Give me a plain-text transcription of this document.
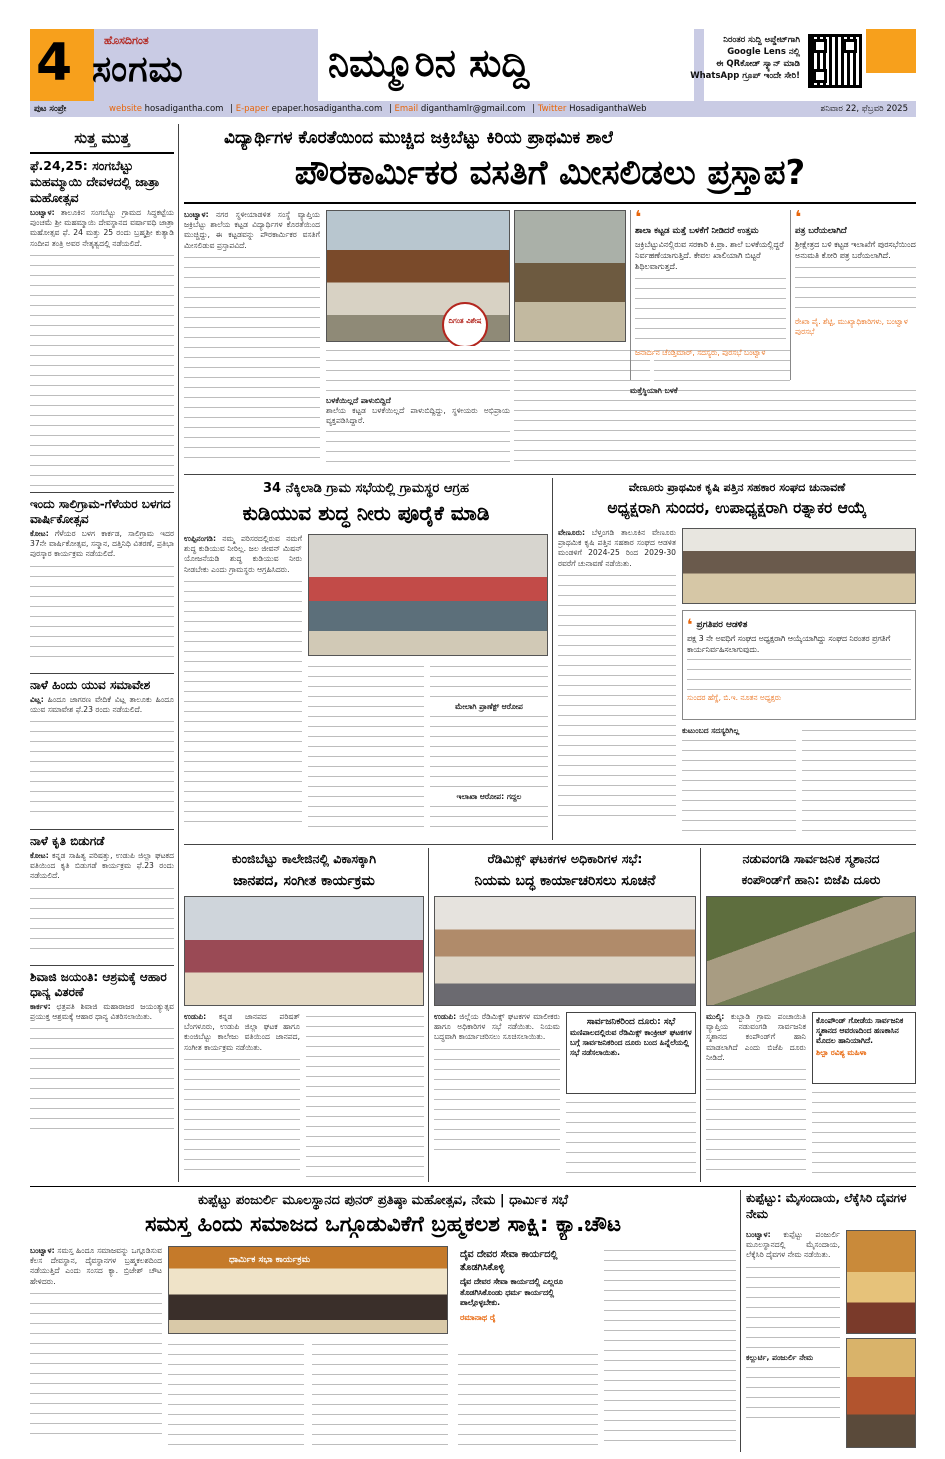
4	ಹೊಸದಿಗಂತ
ಸಂಗಮ	ನಿಮ್ಮೂರಿನ ಸುದ್ದಿ
ನಿರಂತರ ಸುದ್ದಿ ಅಪ್ಡೇಟ್‌ಗಾಗಿ
Google Lens ನಲ್ಲಿ
ಈ QRಕೋಡ್ ಸ್ಕ್ಯಾನ್ ಮಾಡಿ
WhatsApp ಗ್ರೂಪ್ ಇಂದೇ ಸೇರಿ!
ಪುಟ ಸಂಪ್ರೇ	website hosadigantha.com | E-paper epaper.hosadigantha.com | Email diganthamlr@gmail.com | Twitter HosadiganthaWeb	ಶನಿವಾರ 22, ಫೆಬ್ರವರಿ 2025
ಸುತ್ತ ಮುತ್ತ
ಫೆ.24,25: ಸಂಗಬೆಟ್ಟು ಮಹಮ್ಮಾಯಿ ದೇವಳದಲ್ಲಿ ಜಾತ್ರಾ ಮಹೋತ್ಸವ
ಬಂಟ್ವಾಳ: ತಾಲೂಕಿನ ಸಂಗಬೆಟ್ಟು ಗ್ರಾಮದ ಸಿದ್ಧಕಟ್ಟೆಯ ಪುಂಚಮೆ ಶ್ರೀ ಮಹಮ್ಮಾಯಿ ದೇವಸ್ಥಾನದ ವರ್ಷಾವಧಿ ಜಾತ್ರಾ ಮಹೋತ್ಸವ ಫೆ. 24 ಮತ್ತು 25 ರಂದು ಬ್ರಹ್ಮಶ್ರೀ ಕುತ್ಯಾಡಿ ಸಂದೀಪ ತಂತ್ರಿ ಅವರ ನೇತೃತ್ವದಲ್ಲಿ ನಡೆಯಲಿದೆ.
ಇಂದು ಸಾಲಿಗ್ರಾಮ-ಗೆಳೆಯರ ಬಳಗದ ವಾರ್ಷಿಕೋತ್ಸವ
ಕೋಟ: ಗೆಳೆಯರ ಬಳಗ ಕಾರ್ಕಡ, ಸಾಲಿಗ್ರಾಮ ಇದರ 37ನೇ ವಾರ್ಷಿಕೋತ್ಸವ, ಸನ್ಮಾನ, ದತ್ತಿನಿಧಿ ವಿತರಣೆ, ಪ್ರತಿಭಾ ಪುರಸ್ಕಾರ ಕಾರ್ಯಕ್ರಮ ನಡೆಯಲಿದೆ.
ನಾಳೆ ಹಿಂದು ಯುವ ಸಮಾವೇಶ
ವಿಟ್ಲ: ಹಿಂದೂ ಜಾಗರಣ ವೇದಿಕೆ ವಿಟ್ಲ ತಾಲೂಕು ಹಿಂದೂ ಯುವ ಸಮಾವೇಶ ಫೆ.23 ರಂದು ನಡೆಯಲಿದೆ.
ನಾಳೆ ಕೃತಿ ಬಿಡುಗಡೆ
ಕೋಟ: ಕನ್ನಡ ಸಾಹಿತ್ಯ ಪರಿಷತ್ತು, ಉಡುಪಿ ಜಿಲ್ಲಾ ಘಟಕದ ವತಿಯಿಂದ ಕೃತಿ ಬಿಡುಗಡೆ ಕಾರ್ಯಕ್ರಮ ಫೆ.23 ರಂದು ನಡೆಯಲಿದೆ.
ಶಿವಾಜಿ ಜಯಂತಿ: ಆಶ್ರಮಕ್ಕೆ ಆಹಾರ ಧಾನ್ಯ ವಿತರಣೆ
ಕಾರ್ಕಳ: ಛತ್ರಪತಿ ಶಿವಾಜಿ ಮಹಾರಾಜರ ಜಯಂತ್ಯುತ್ಸವ ಪ್ರಯುಕ್ತ ಆಶ್ರಮಕ್ಕೆ ಆಹಾರ ಧಾನ್ಯ ವಿತರಿಸಲಾಯಿತು.
ವಿದ್ಯಾರ್ಥಿಗಳ ಕೊರತೆಯಿಂದ ಮುಚ್ಚಿದ ಜಕ್ರಿಬೆಟ್ಟು ಕಿರಿಯ ಪ್ರಾಥಮಿಕ ಶಾಲೆ
ಪೌರಕಾರ್ಮಿಕರ ವಸತಿಗೆ ಮೀಸಲಿಡಲು ಪ್ರಸ್ತಾಪ?
ಬಂಟ್ವಾಳ: ನಗರ ಸ್ಥಳೀಯಾಡಳಿತ ಸಂಸ್ಥೆ ವ್ಯಾಪ್ತಿಯ ಜಕ್ರಿಬೆಟ್ಟು ಶಾಲೆಯ ಕಟ್ಟಡ ವಿದ್ಯಾರ್ಥಿಗಳ ಕೊರತೆಯಿಂದ ಮುಚ್ಚಿದ್ದು, ಈ ಕಟ್ಟಡವನ್ನು ಪೌರಕಾರ್ಮಿಕರ ವಸತಿಗೆ ಮೀಸಲಿಡುವ ಪ್ರಸ್ತಾಪವಿದೆ.
ದಿಗಂತ ವಿಶೇಷ
ಬಳಕೆಯಿಲ್ಲದೆ ಪಾಳುಬಿದ್ದಿದೆ
ಶಾಲೆಯ ಕಟ್ಟಡ ಬಳಕೆಯಿಲ್ಲದೆ ಪಾಳುಬಿದ್ದಿದ್ದು, ಸ್ಥಳೀಯರು ಅಭಿಪ್ರಾಯ ವ್ಯಕ್ತಪಡಿಸಿದ್ದಾರೆ.
❛
ಶಾಲಾ ಕಟ್ಟಡ ಮತ್ತೆ ಬಳಕೆಗೆ ನೀಡಿದರೆ ಉತ್ತಮ
ಜಕ್ರಿಬೆಟ್ಟುವಿನಲ್ಲಿರುವ ಸರಕಾರಿ ಕಿ.ಪ್ರಾ. ಶಾಲೆ ಬಳಕೆಯಲ್ಲಿದ್ದರೆ ನಿರ್ವಹಣೆಯಾಗುತ್ತಿದೆ. ಕೇವಲ ಖಾಲಿಯಾಗಿ ಬಿಟ್ಟರೆ ಶಿಥಿಲವಾಗುತ್ತದೆ.
ಜನಾರ್ದನ ಚೆಂಡ್ತಿಮಾರ್, ಸದಸ್ಯರು, ಪುರಸಭೆ ಬಂಟ್ವಾಳ
ಮತ್ತೆಸ್ಥಿಯಾಗಿ ಬಳಕೆ
❛
ಪತ್ರ ಬರೆಯಲಾಗಿದೆ
ಶ್ರೀಕ್ಷೇತ್ರದ ಬಳಿ ಕಟ್ಟಡ ಇಲಾಖೆಗೆ ಪುರಸಭೆಯಿಂದ ಅನುಮತಿ ಕೋರಿ ಪತ್ರ ಬರೆಯಲಾಗಿದೆ.
ರೇಖಾ ಪೈ. ಶೆಟ್ಟಿ, ಮುಖ್ಯಾಧಿಕಾರಿಗಳು, ಬಂಟ್ವಾಳ ಪುರಸಭೆ
34 ನೆಕ್ಕಿಲಾಡಿ ಗ್ರಾಮ ಸಭೆಯಲ್ಲಿ ಗ್ರಾಮಸ್ಥರ ಆಗ್ರಹ
ಕುಡಿಯುವ ಶುದ್ಧ ನೀರು ಪೂರೈಕೆ ಮಾಡಿ
ಉಪ್ಪಿನಂಗಡಿ: ನಮ್ಮ ಪರಿಸರದಲ್ಲಿರುವ ನಮಗೆ ಶುದ್ಧ ಕುಡಿಯುವ ನೀರಿಲ್ಲ. ಜಲ ಜೀವನ್ ಮಿಷನ್ ಯೋಜನೆಯಡಿ ಶುದ್ಧ ಕುಡಿಯುವ ನೀರು ನೀಡಬೇಕು ಎಂದು ಗ್ರಾಮಸ್ಥರು ಆಗ್ರಹಿಸಿದರು.
ಮೇಲಾಗಿ ಪ್ರಾಣೆಕ್ಟ್ ಆರೋಪ
ಇಲಾಖಾ ಆರೋಪ: ಗದ್ದಲ
ವೇಣೂರು ಪ್ರಾಥಮಿಕ ಕೃಷಿ ಪತ್ತಿನ ಸಹಕಾರ ಸಂಘದ ಚುನಾವಣೆ
ಅಧ್ಯಕ್ಷರಾಗಿ ಸುಂದರ, ಉಪಾಧ್ಯಕ್ಷರಾಗಿ ರತ್ನಾಕರ ಆಯ್ಕೆ
ವೇಣೂರು: ಬೆಳ್ತಂಗಡಿ ತಾಲೂಕಿನ ವೇಣೂರು ಪ್ರಾಥಮಿಕ ಕೃಷಿ ಪತ್ತಿನ ಸಹಕಾರ ಸಂಘದ ಆಡಳಿತ ಮಂಡಳಿಗೆ 2024-25 ರಿಂದ 2029-30 ರವರೆಗೆ ಚುನಾವಣೆ ನಡೆಯಿತು.
❛ ಪ್ರಗತಿಪರ ಆಡಳಿತ
ಪಕ್ಷ 3 ನೇ ಅವಧಿಗೆ ಸಂಘದ ಅಧ್ಯಕ್ಷರಾಗಿ ಆಯ್ಕೆಯಾಗಿದ್ದು ಸಂಘದ ನಿರಂತರ ಪ್ರಗತಿಗೆ ಕಾರ್ಯನಿರ್ವಹಿಸಲಾಗುವುದು.
ಸುಂದರ ಹೆಗ್ಡೆ, ಬಿ.ಇ. ನೂತನ ಅಧ್ಯಕ್ಷರು
ಕುಟುಂಬದ ಸದಸ್ಯರಿಗಿಲ್ಲ
ಕುಂಜಿಬೆಟ್ಟು ಕಾಲೇಜಿನಲ್ಲಿ ವಿಕಾಸಕ್ಕಾಗಿ
ಜಾನಪದ, ಸಂಗೀತ ಕಾರ್ಯಕ್ರಮ
ಉಡುಪಿ: ಕನ್ನಡ ಜಾನಪದ ಪರಿಷತ್ ಬೆಂಗಳೂರು, ಉಡುಪಿ ಜಿಲ್ಲಾ ಘಟಕ ಹಾಗೂ ಕುಂಜಿಬೆಟ್ಟು ಕಾಲೇಜು ವತಿಯಿಂದ ಜಾನಪದ, ಸಂಗೀತ ಕಾರ್ಯಕ್ರಮ ನಡೆಯಿತು.
ರೆಡಿಮಿಕ್ಸ್ ಘಟಕಗಳ ಅಧಿಕಾರಿಗಳ ಸಭೆ:
ನಿಯಮ ಬದ್ಧ ಕಾರ್ಯಾಚರಿಸಲು ಸೂಚನೆ
ಉಡುಪಿ: ಜಿಲ್ಲೆಯ ರೆಡಿಮಿಕ್ಸ್ ಘಟಕಗಳ ಮಾಲೀಕರು ಹಾಗೂ ಅಧಿಕಾರಿಗಳ ಸಭೆ ನಡೆಯಿತು. ನಿಯಮ ಬದ್ಧವಾಗಿ ಕಾರ್ಯಾಚರಿಸಲು ಸೂಚಿಸಲಾಯಿತು.
ಸಾರ್ವಜನಿಕರಿಂದ ದೂರು: ಸಭೆ
ಮಣಿಪಾಲದಲ್ಲಿರುವ ರೆಡಿಮಿಕ್ಸ್ ಕಾಂಕ್ರೀಟ್ ಘಟಕಗಳ ಬಗ್ಗೆ ಸಾರ್ವಜನಿಕರಿಂದ ದೂರು ಬಂದ ಹಿನ್ನೆಲೆಯಲ್ಲಿ ಸಭೆ ನಡೆಸಲಾಯಿತು.
ನಡುವಂಗಡಿ ಸಾರ್ವಜನಿಕ ಸ್ಮಶಾನದ
ಕಂಪೌಂಡ್‌ಗೆ ಹಾನಿ: ಬಿಜೆಪಿ ದೂರು
ಮುಲ್ಕಿ: ಕುಬ್ಬಾಡಿ ಗ್ರಾಮ ಪಂಚಾಯಿತಿ ವ್ಯಾಪ್ತಿಯ ನಡುವಂಗಡಿ ಸಾರ್ವಜನಿಕ ಸ್ಮಶಾನದ ಕಂಪೌಂಡ್‌ಗೆ ಹಾನಿ ಮಾಡಲಾಗಿದೆ ಎಂದು ಬಿಜೆಪಿ ದೂರು ನೀಡಿದೆ.
ಕೊಂಪೌಂಡ್ ಗೋಡೆಯ ಸಾರ್ವಜನಿಕ ಸ್ಮಶಾನದ ಆವರಣದಿಂದ ಹಣಕಾಸಿನ ಮೊದಲ ಹಾನಿಯಾಗಿದೆ.
ಶಿಲ್ಪಾ ರವಿಶ್ಯ ಮಹಿಳಾ
ಕುಪ್ಪೆಟ್ಟು ಪಂಜುರ್ಲಿ ಮೂಲಸ್ಥಾನದ ಪುನರ್ ಪ್ರತಿಷ್ಠಾ ಮಹೋತ್ಸವ, ನೇಮ | ಧಾರ್ಮಿಕ ಸಭೆ
ಸಮಸ್ತ ಹಿಂದು ಸಮಾಜದ ಒಗ್ಗೂಡುವಿಕೆಗೆ ಬ್ರಹ್ಮಕಲಶ ಸಾಕ್ಷಿ: ಕ್ಯಾ.ಚೌಟ
ಬಂಟ್ವಾಳ: ಸಮಸ್ತ ಹಿಂದೂ ಸಮಾಜವನ್ನು ಒಗ್ಗೂಡಿಸುವ ಕೆಲಸ ದೇವಸ್ಥಾನ, ದೈವಸ್ಥಾನಗಳ ಬ್ರಹ್ಮಕಲಶದಿಂದ ನಡೆಯುತ್ತಿದೆ ಎಂದು ಸಂಸದ ಕ್ಯಾ. ಬ್ರಿಜೇಶ್ ಚೌಟ ಹೇಳಿದರು.
ಧಾರ್ಮಿಕ ಸಭಾ ಕಾರ್ಯಕ್ರಮ	ದೈವ ದೇವರ ಸೇವಾ ಕಾರ್ಯದಲ್ಲಿ ತೊಡಗಿಸಿಕೊಳ್ಳಿ
ದೈವ ದೇವರ ಸೇವಾ ಕಾರ್ಯದಲ್ಲಿ ಎಲ್ಲರೂ ತೊಡಗಿಸಿಕೊಂಡು ಧರ್ಮ ಕಾರ್ಯದಲ್ಲಿ ಪಾಲ್ಗೊಳ್ಳಬೇಕು.
ರಮಾನಾಥ ರೈ
ಕುಪ್ಪೆಟ್ಟು: ಮೈಸಂದಾಯ, ಲೆಕ್ಕೆಸಿರಿ ದೈವಗಳ ನೇಮ
ಬಂಟ್ವಾಳ: ಕುಪ್ಪೆಟ್ಟು ಪಂಜುರ್ಲಿ ಮೂಲಸ್ಥಾನದಲ್ಲಿ ಮೈಸಂದಾಯ, ಲೆಕ್ಕೆಸಿರಿ ದೈವಗಳ ನೇಮ ನಡೆಯಿತು.
ಕಲ್ಲುರ್ಟಿ, ಪಂಜುರ್ಲಿ ನೇಮ
